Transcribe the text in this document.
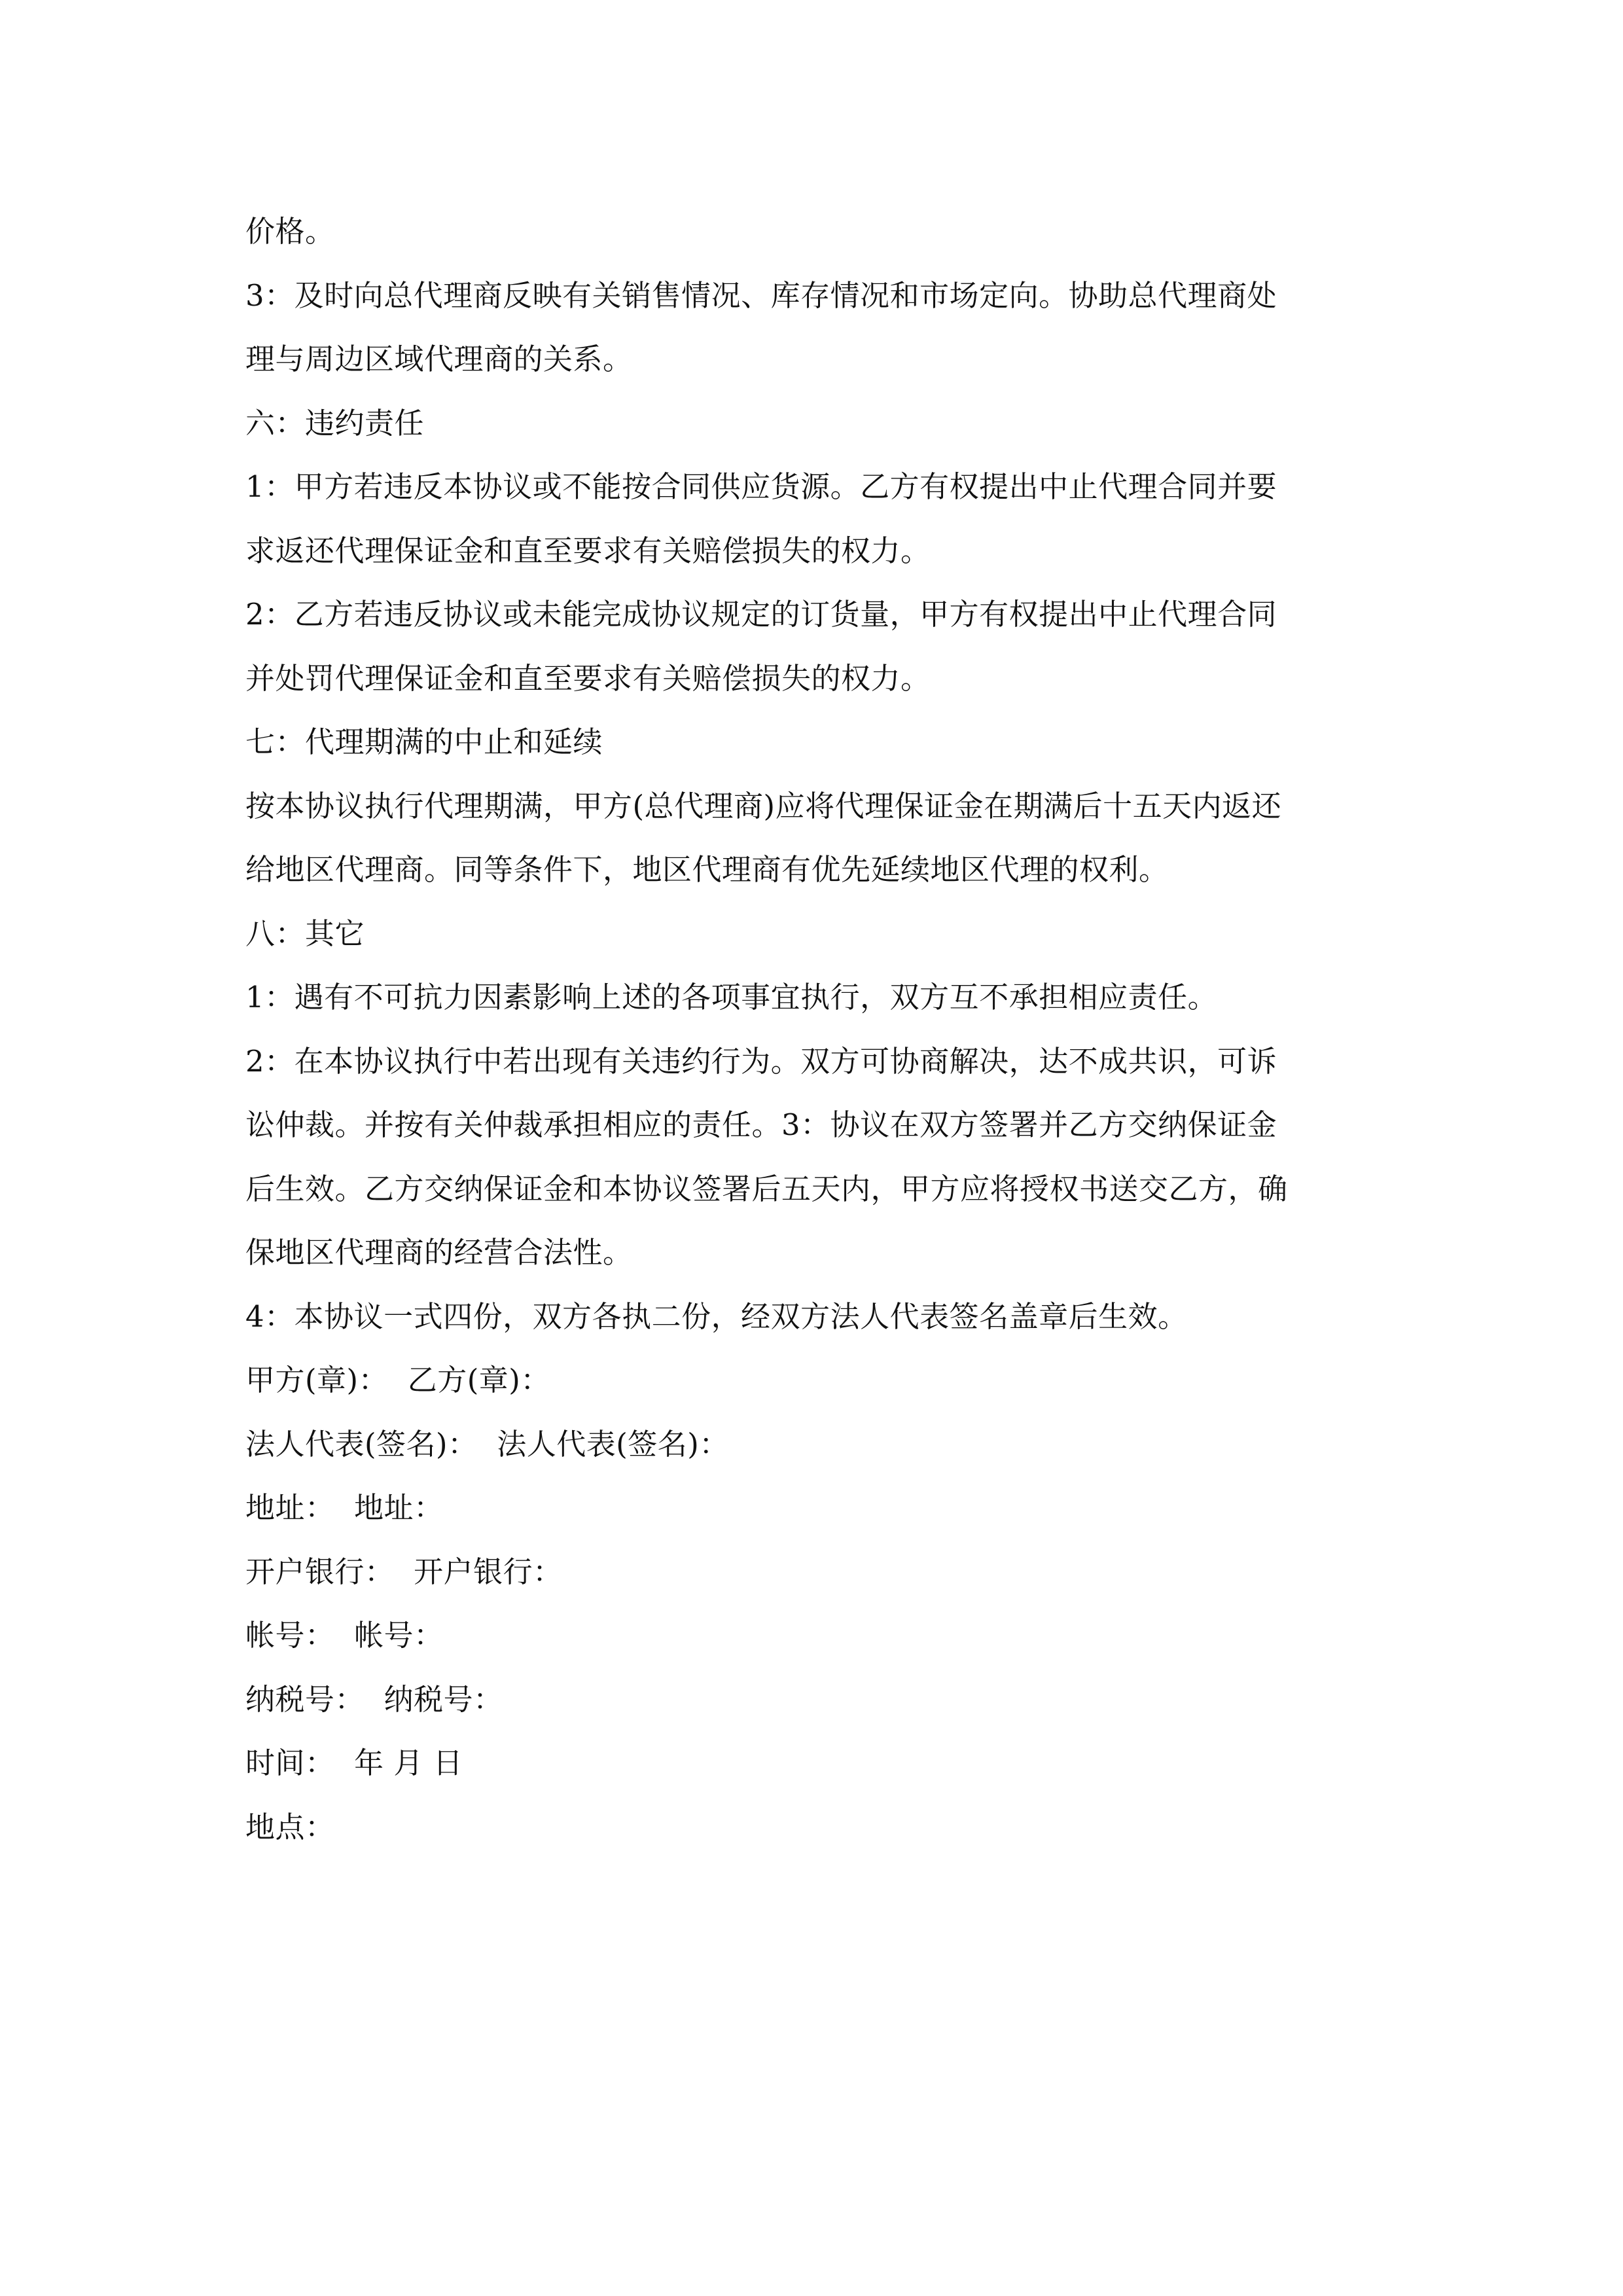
价格。
3：及时向总代理商反映有关销售情况、库存情况和市场定向。协助总代理商处
理与周边区域代理商的关系。
六：违约责任
1：甲方若违反本协议或不能按合同供应货源。乙方有权提出中止代理合同并要
求返还代理保证金和直至要求有关赔偿损失的权力。
2：乙方若违反协议或未能完成协议规定的订货量，甲方有权提出中止代理合同
并处罚代理保证金和直至要求有关赔偿损失的权力。
七：代理期满的中止和延续
按本协议执行代理期满，甲方(总代理商)应将代理保证金在期满后十五天内返还
给地区代理商。同等条件下，地区代理商有优先延续地区代理的权利。
八：其它
1：遇有不可抗力因素影响上述的各项事宜执行，双方互不承担相应责任。
2：在本协议执行中若出现有关违约行为。双方可协商解决，达不成共识，可诉
讼仲裁。并按有关仲裁承担相应的责任。3：协议在双方签署并乙方交纳保证金
后生效。乙方交纳保证金和本协议签署后五天内，甲方应将授权书送交乙方，确
保地区代理商的经营合法性。
4：本协议一式四份，双方各执二份，经双方法人代表签名盖章后生效。
甲方(章)：  乙方(章)：
法人代表(签名)：  法人代表(签名)：
地址：  地址：
开户银行：  开户银行：
帐号：  帐号：
纳税号：  纳税号：
时间：  年 月 日
地点：
